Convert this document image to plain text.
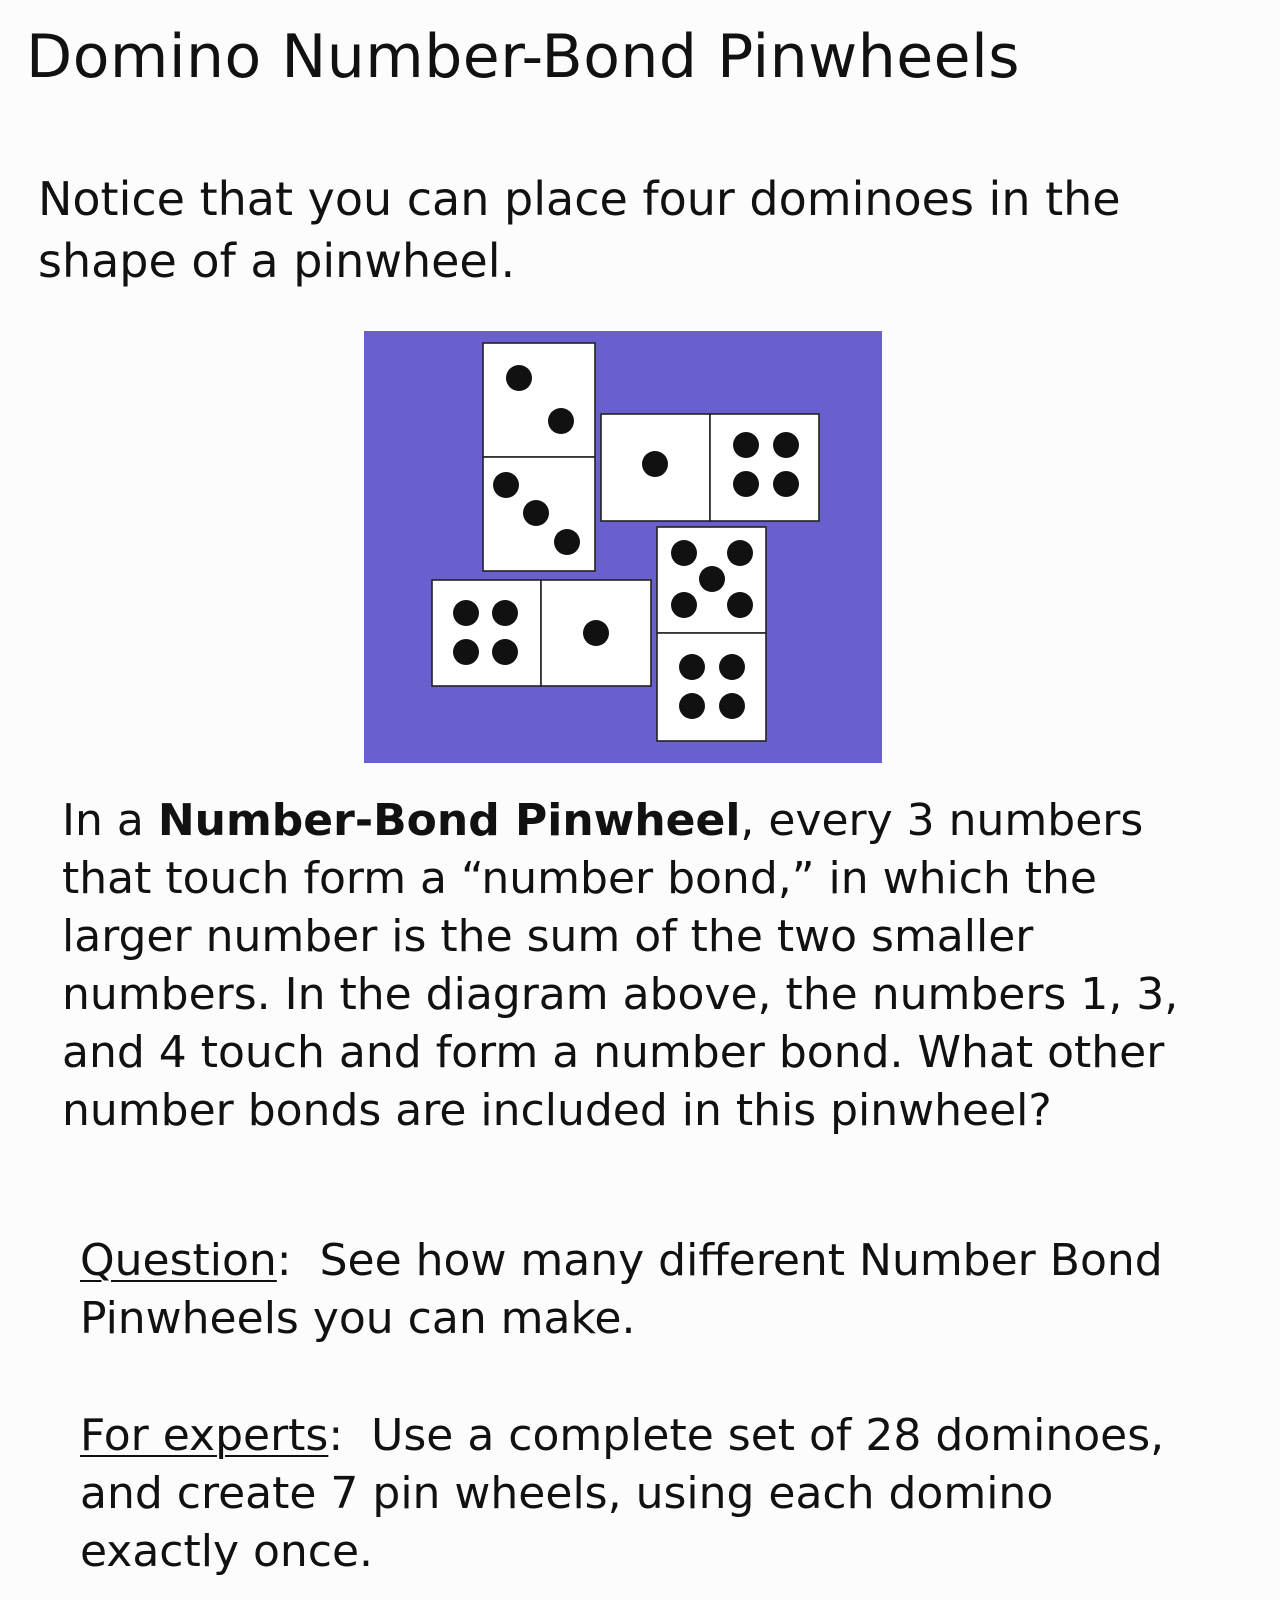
Domino Number-Bond Pinwheels

Notice that you can place four dominoes in the shape of a pinwheel.

In a Number-Bond Pinwheel, every 3 numbers that touch form a “number bond,” in which the larger number is the sum of the two smaller numbers. In the diagram above, the numbers 1, 3, and 4 touch and form a number bond. What other number bonds are included in this pinwheel?

Question:  See how many different Number Bond Pinwheels you can make.

For experts:  Use a complete set of 28 dominoes, and create 7 pin wheels, using each domino exactly once.
